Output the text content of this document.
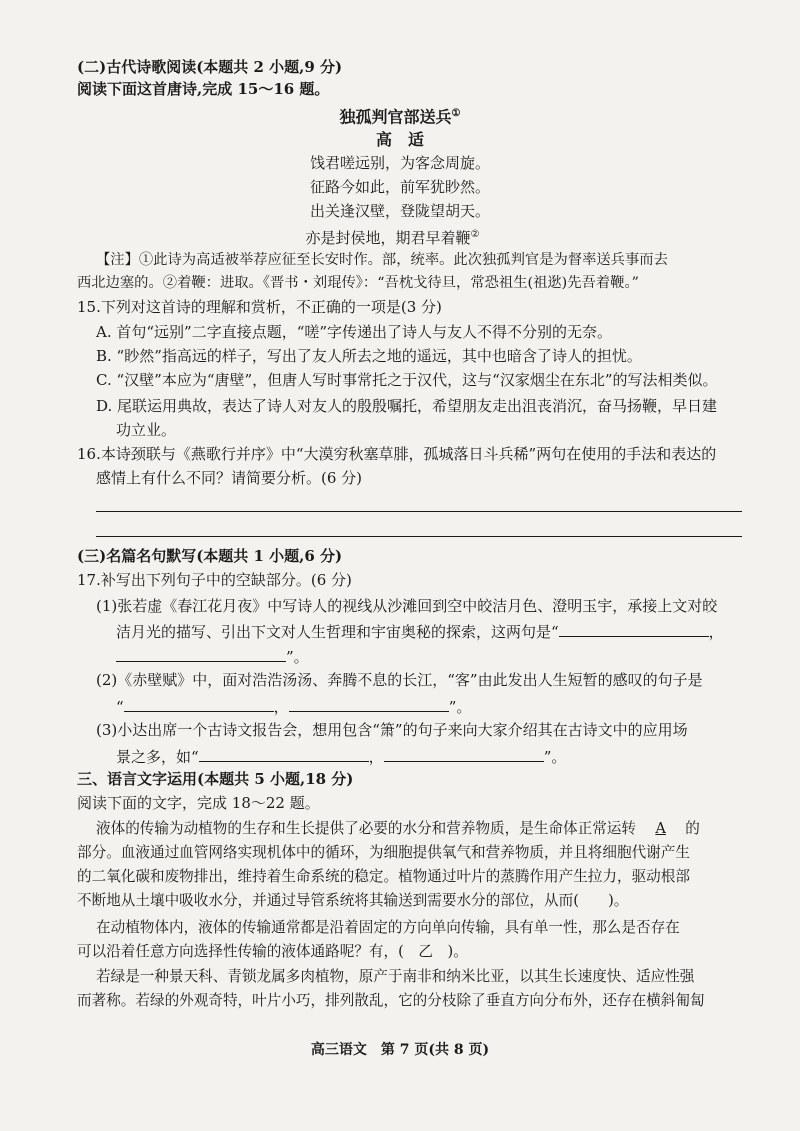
(二)古代诗歌阅读(本题共 2 小题,9 分)
阅读下面这首唐诗,完成 15～16 题。
独孤判官部送兵①
高　适
饯君嗟远别，为客念周旋。
征路今如此，前军犹眇然。
出关逢汉壁，登陇望胡天。
亦是封侯地，期君早着鞭②
【注】①此诗为高适被举荐应征至长安时作。部，统率。此次独孤判官是为督率送兵事而去
西北边塞的。②着鞭：进取。《晋书・刘琨传》：“吾枕戈待旦，常恐祖生(祖逖)先吾着鞭。”
15.下列对这首诗的理解和赏析，不正确的一项是(3 分)
A. 首句“远别”二字直接点题，“嗟”字传递出了诗人与友人不得不分别的无奈。
B. “眇然”指高远的样子，写出了友人所去之地的遥远，其中也暗含了诗人的担忧。
C. “汉壁”本应为“唐壁”，但唐人写时事常托之于汉代，这与“汉家烟尘在东北”的写法相类似。
D. 尾联运用典故，表达了诗人对友人的殷殷嘱托，希望朋友走出沮丧消沉，奋马扬鞭，早日建
功立业。
16.本诗颈联与《燕歌行并序》中“大漠穷秋塞草腓，孤城落日斗兵稀”两句在使用的手法和表达的
感情上有什么不同？请简要分析。(6 分)
(三)名篇名句默写(本题共 1 小题,6 分)
17.补写出下列句子中的空缺部分。(6 分)
(1)张若虚《春江花月夜》中写诗人的视线从沙滩回到空中皎洁月色、澄明玉宇，承接上文对皎
洁月光的描写、引出下文对人生哲理和宇宙奥秘的探索，这两句是“	，
”。
(2)《赤壁赋》中，面对浩浩汤汤、奔腾不息的长江，“客”由此发出人生短暂的感叹的句子是
“	，	”。
(3)小达出席一个古诗文报告会，想用包含“箫”的句子来向大家介绍其在古诗文中的应用场
景之多，如“	，	”。
三、语言文字运用(本题共 5 小题,18 分)
阅读下面的文字，完成 18～22 题。
液体的传输为动植物的生存和生长提供了必要的水分和营养物质，是生命体正常运转 A 的
部分。血液通过血管网络实现机体中的循环，为细胞提供氧气和营养物质，并且将细胞代谢产生
的二氧化碳和废物排出，维持着生命系统的稳定。植物通过叶片的蒸腾作用产生拉力，驱动根部
不断地从土壤中吸收水分，并通过导管系统将其输送到需要水分的部位，从而(　　)。
在动植物体内，液体的传输通常都是沿着固定的方向单向传输，具有单一性，那么是否存在
可以沿着任意方向选择性传输的液体通路呢？有，(　乙　)。
若绿是一种景天科、青锁龙属多肉植物，原产于南非和纳米比亚，以其生长速度快、适应性强
而著称。若绿的外观奇特，叶片小巧，排列散乱，它的分枝除了垂直方向分布外，还存在横斜匍匐
高三语文　第 7 页(共 8 页)
